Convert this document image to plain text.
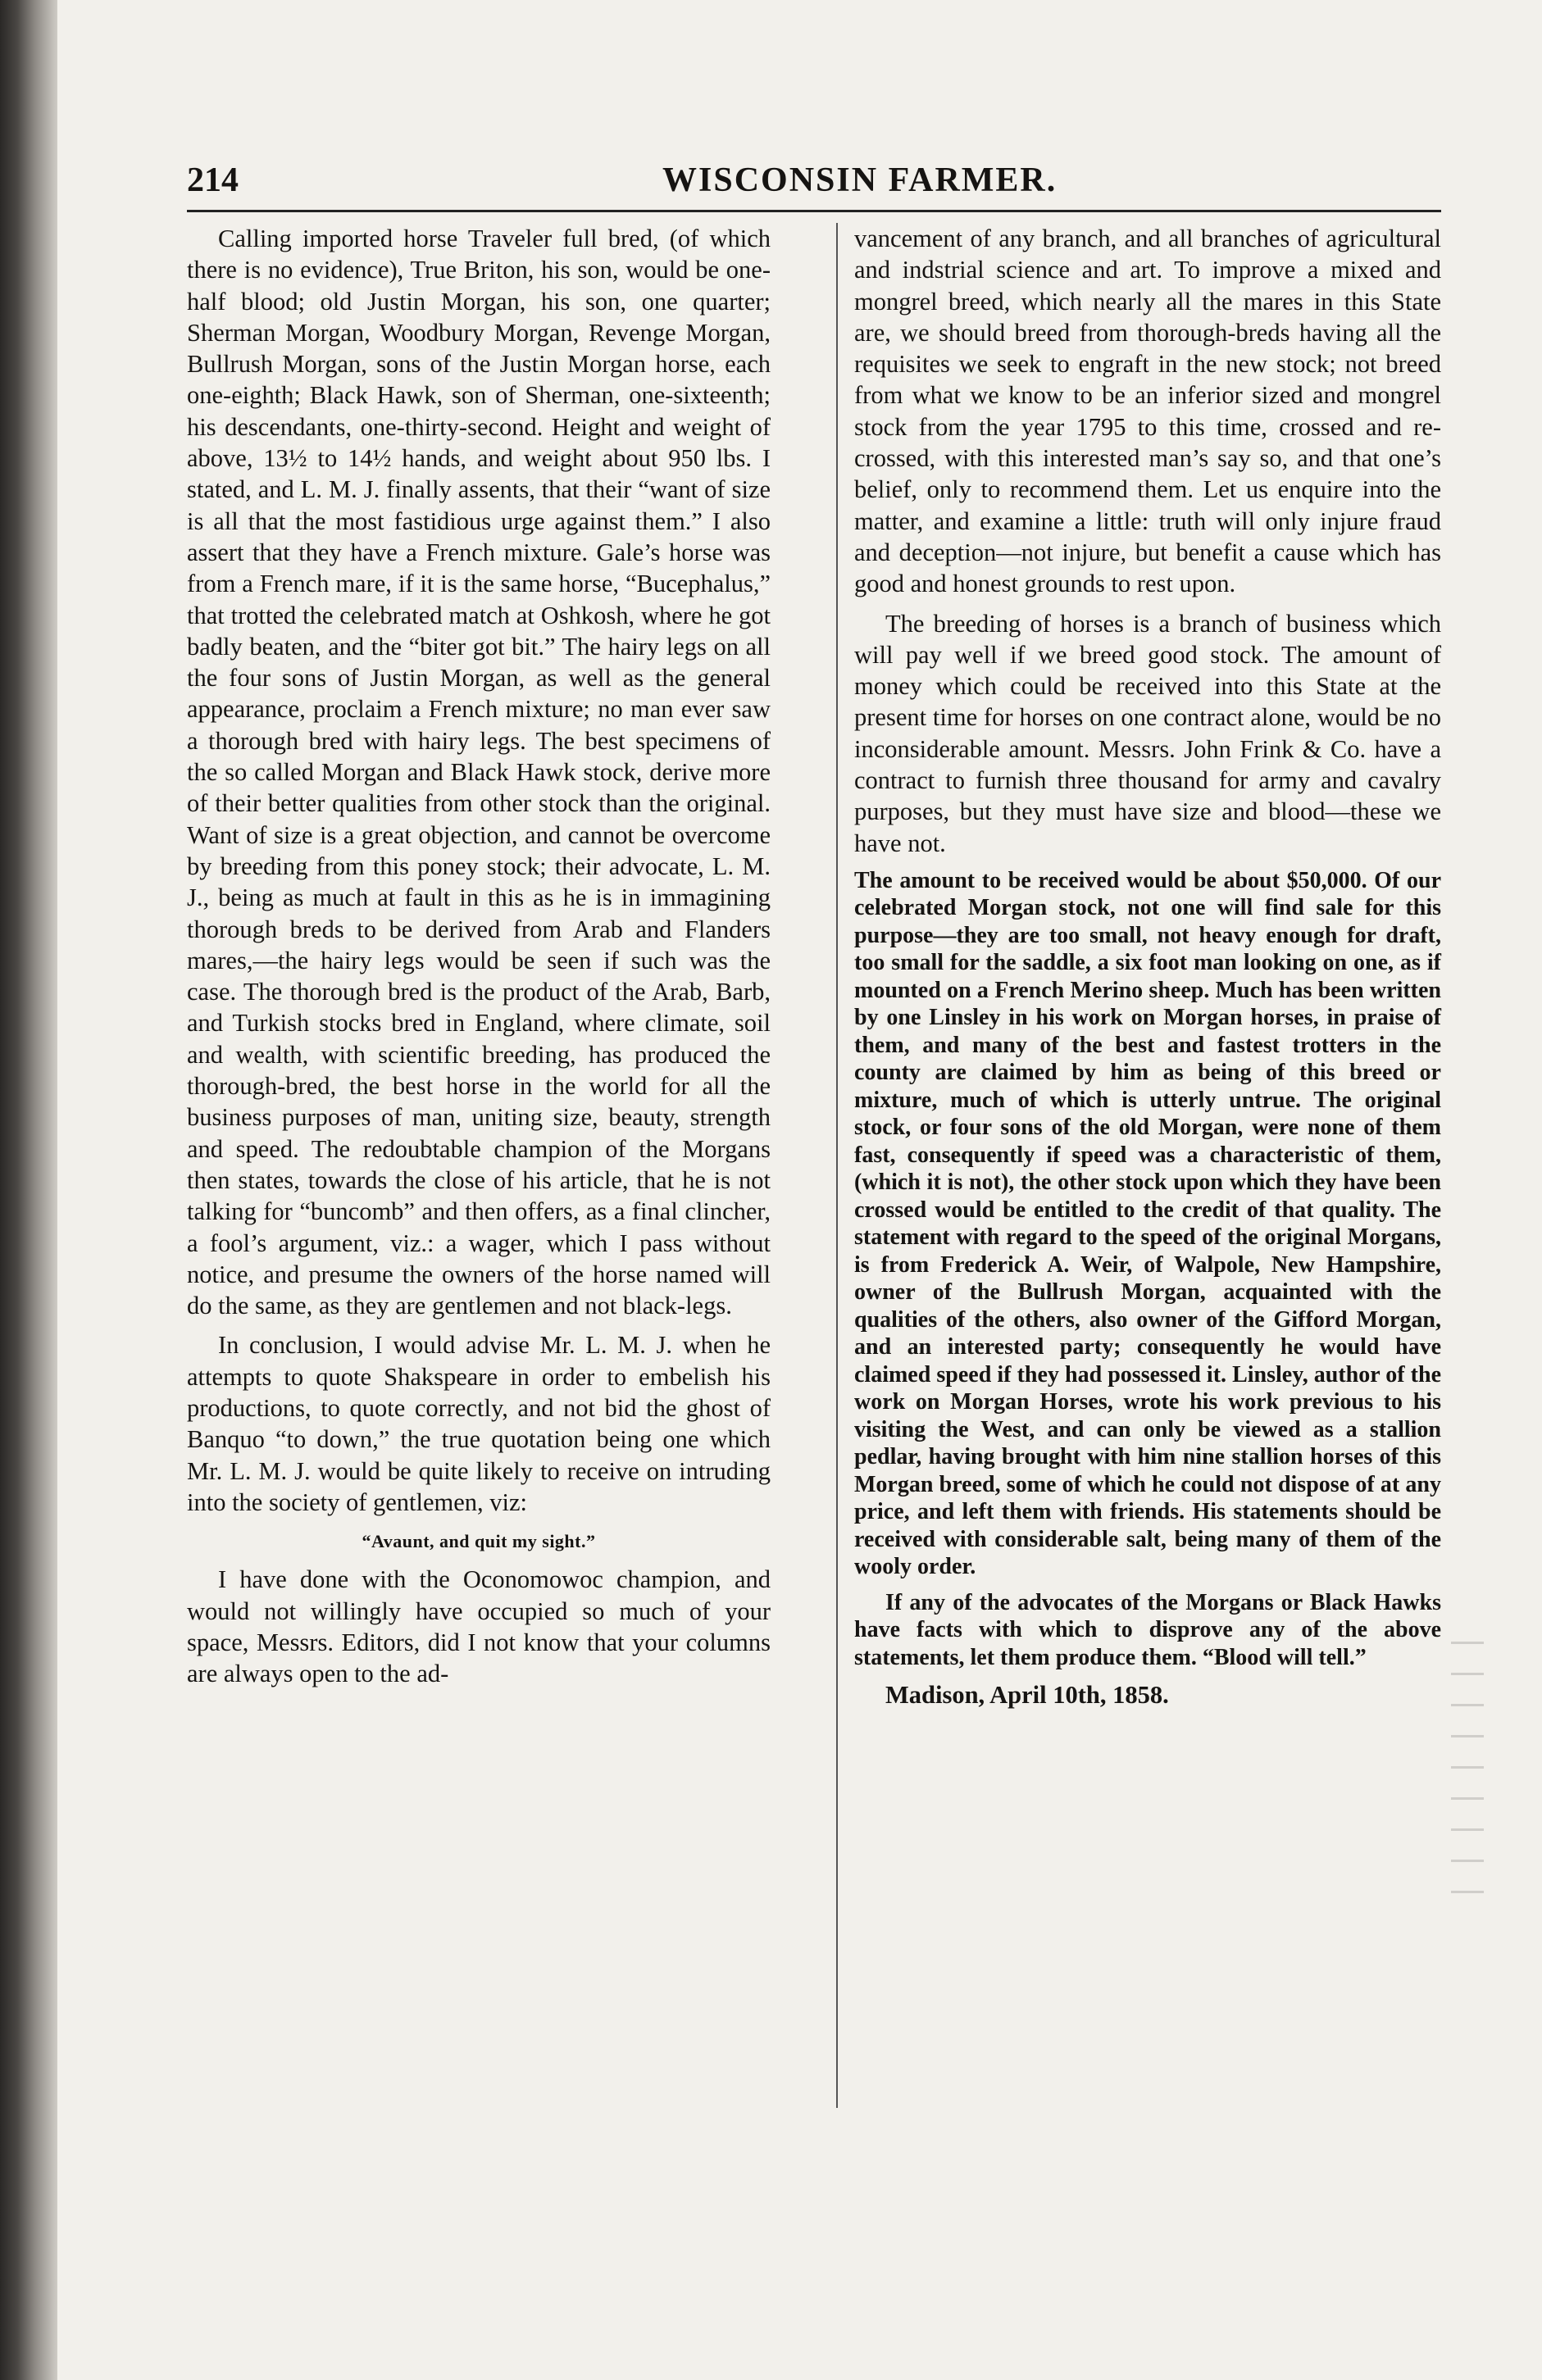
214	WISCONSIN FARMER.

Calling imported horse Traveler full bred, (of which there is no evidence), True Briton, his son, would be one-half blood; old Justin Morgan, his son, one quarter; Sherman Morgan, Woodbury Morgan, Revenge Morgan, Bullrush Morgan, sons of the Justin Morgan horse, each one-eighth; Black Hawk, son of Sherman, one-sixteenth; his descendants, one-thirty-second. Height and weight of above, 13½ to 14½ hands, and weight about 950 lbs. I stated, and L. M. J. finally assents, that their “want of size is all that the most fastidious urge against them.” I also assert that they have a French mixture. Gale’s horse was from a French mare, if it is the same horse, “Bucephalus,” that trotted the celebrated match at Oshkosh, where he got badly beaten, and the “biter got bit.” The hairy legs on all the four sons of Justin Morgan, as well as the general appearance, proclaim a French mixture; no man ever saw a thorough bred with hairy legs. The best specimens of the so called Morgan and Black Hawk stock, derive more of their better qualities from other stock than the original. Want of size is a great objection, and cannot be overcome by breeding from this poney stock; their advocate, L. M. J., being as much at fault in this as he is in immagining thorough breds to be derived from Arab and Flanders mares,—the hairy legs would be seen if such was the case. The thorough bred is the product of the Arab, Barb, and Turkish stocks bred in England, where climate, soil and wealth, with scientific breeding, has produced the thorough-bred, the best horse in the world for all the business purposes of man, uniting size, beauty, strength and speed. The redoubtable champion of the Morgans then states, towards the close of his article, that he is not talking for “buncomb” and then offers, as a final clincher, a fool’s argument, viz.: a wager, which I pass without notice, and presume the owners of the horse named will do the same, as they are gentlemen and not black-legs.

In conclusion, I would advise Mr. L. M. J. when he attempts to quote Shakspeare in order to embelish his productions, to quote correctly, and not bid the ghost of Banquo “to down,” the true quotation being one which Mr. L. M. J. would be quite likely to receive on intruding into the society of gentlemen, viz:

“Avaunt, and quit my sight.”

I have done with the Oconomowoc champion, and would not willingly have occupied so much of your space, Messrs. Editors, did I not know that your columns are always open to the ad-

vancement of any branch, and all branches of agricultural and indstrial science and art. To improve a mixed and mongrel breed, which nearly all the mares in this State are, we should breed from thorough-breds having all the requisites we seek to engraft in the new stock; not breed from what we know to be an inferior sized and mongrel stock from the year 1795 to this time, crossed and re-crossed, with this interested man’s say so, and that one’s belief, only to recommend them. Let us enquire into the matter, and examine a little: truth will only injure fraud and deception—not injure, but benefit a cause which has good and honest grounds to rest upon.

The breeding of horses is a branch of business which will pay well if we breed good stock. The amount of money which could be received into this State at the present time for horses on one contract alone, would be no inconsiderable amount. Messrs. John Frink & Co. have a contract to furnish three thousand for army and cavalry purposes, but they must have size and blood—these we have not.

The amount to be received would be about $50,000. Of our celebrated Morgan stock, not one will find sale for this purpose—they are too small, not heavy enough for draft, too small for the saddle, a six foot man looking on one, as if mounted on a French Merino sheep. Much has been written by one Linsley in his work on Morgan horses, in praise of them, and many of the best and fastest trotters in the county are claimed by him as being of this breed or mixture, much of which is utterly untrue. The original stock, or four sons of the old Morgan, were none of them fast, consequently if speed was a characteristic of them, (which it is not), the other stock upon which they have been crossed would be entitled to the credit of that quality. The statement with regard to the speed of the original Morgans, is from Frederick A. Weir, of Walpole, New Hampshire, owner of the Bullrush Morgan, acquainted with the qualities of the others, also owner of the Gifford Morgan, and an interested party; consequently he would have claimed speed if they had possessed it. Linsley, author of the work on Morgan Horses, wrote his work previous to his visiting the West, and can only be viewed as a stallion pedlar, having brought with him nine stallion horses of this Morgan breed, some of which he could not dispose of at any price, and left them with friends. His statements should be received with considerable salt, being many of them of the wooly order.

If any of the advocates of the Morgans or Black Hawks have facts with which to disprove any of the above statements, let them produce them. “Blood will tell.”

Madison, April 10th, 1858.
